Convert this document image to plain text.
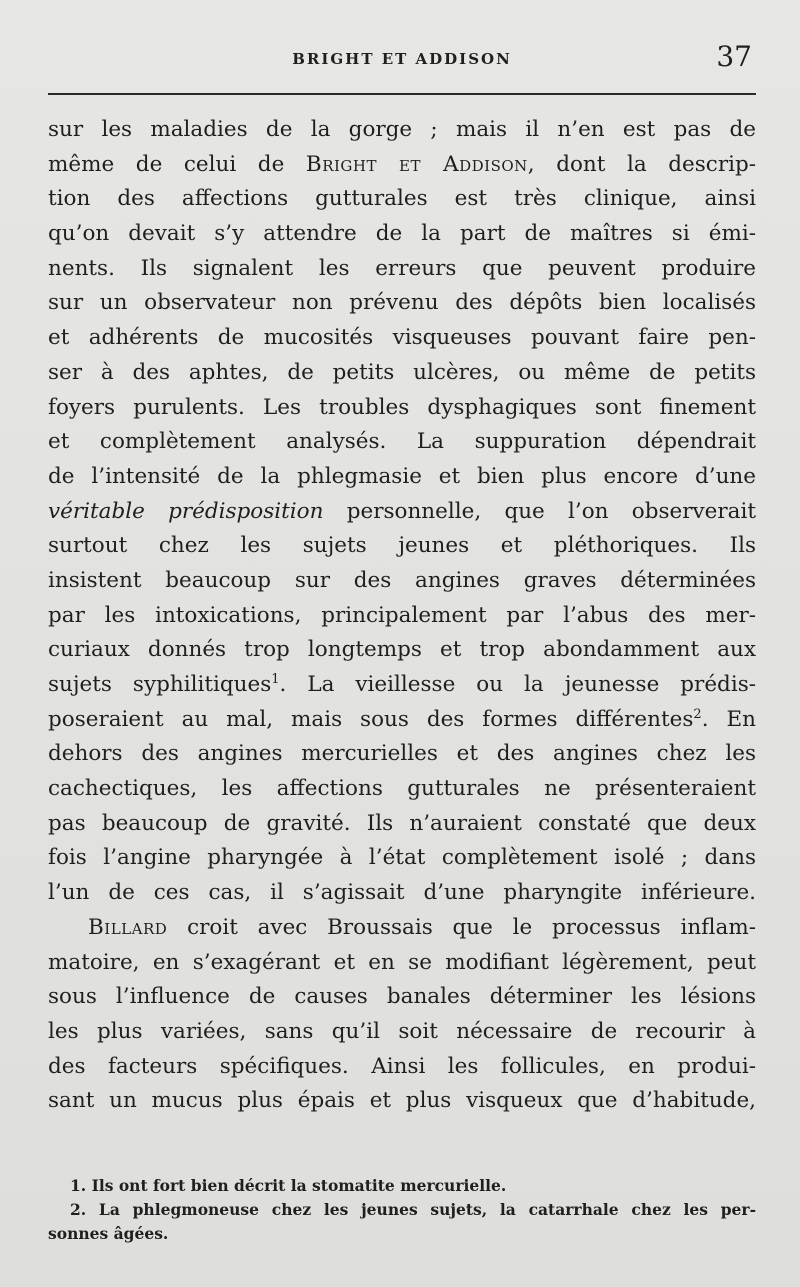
BRIGHT ET ADDISON	37
sur les maladies de la gorge ; mais il n’en est pas de
même de celui de Bright et Addison, dont la descrip-
tion des affections gutturales est très clinique, ainsi
qu’on devait s’y attendre de la part de maîtres si émi-
nents. Ils signalent les erreurs que peuvent produire
sur un observateur non prévenu des dépôts bien localisés
et adhérents de mucosités visqueuses pouvant faire pen-
ser à des aphtes, de petits ulcères, ou même de petits
foyers purulents. Les troubles dysphagiques sont finement
et complètement analysés. La suppuration dépendrait
de l’intensité de la phlegmasie et bien plus encore d’une
véritable prédisposition personnelle, que l’on observerait
surtout chez les sujets jeunes et pléthoriques. Ils
insistent beaucoup sur des angines graves déterminées
par les intoxications, principalement par l’abus des mer-
curiaux donnés trop longtemps et trop abondamment aux
sujets syphilitiques$^1$. La vieillesse ou la jeunesse prédis-
poseraient au mal, mais sous des formes différentes$^2$. En
dehors des angines mercurielles et des angines chez les
cachectiques, les affections gutturales ne présenteraient
pas beaucoup de gravité. Ils n’auraient constaté que deux
fois l’angine pharyngée à l’état complètement isolé ; dans
l’un de ces cas, il s’agissait d’une pharyngite inférieure.
Billard croit avec Broussais que le processus inflam-
matoire, en s’exagérant et en se modifiant légèrement, peut
sous l’influence de causes banales déterminer les lésions
les plus variées, sans qu’il soit nécessaire de recourir à
des facteurs spécifiques. Ainsi les follicules, en produi-
sant un mucus plus épais et plus visqueux que d’habitude,
1. Ils ont fort bien décrit la stomatite mercurielle.
2. La phlegmoneuse chez les jeunes sujets, la catarrhale chez les per-
sonnes âgées.
